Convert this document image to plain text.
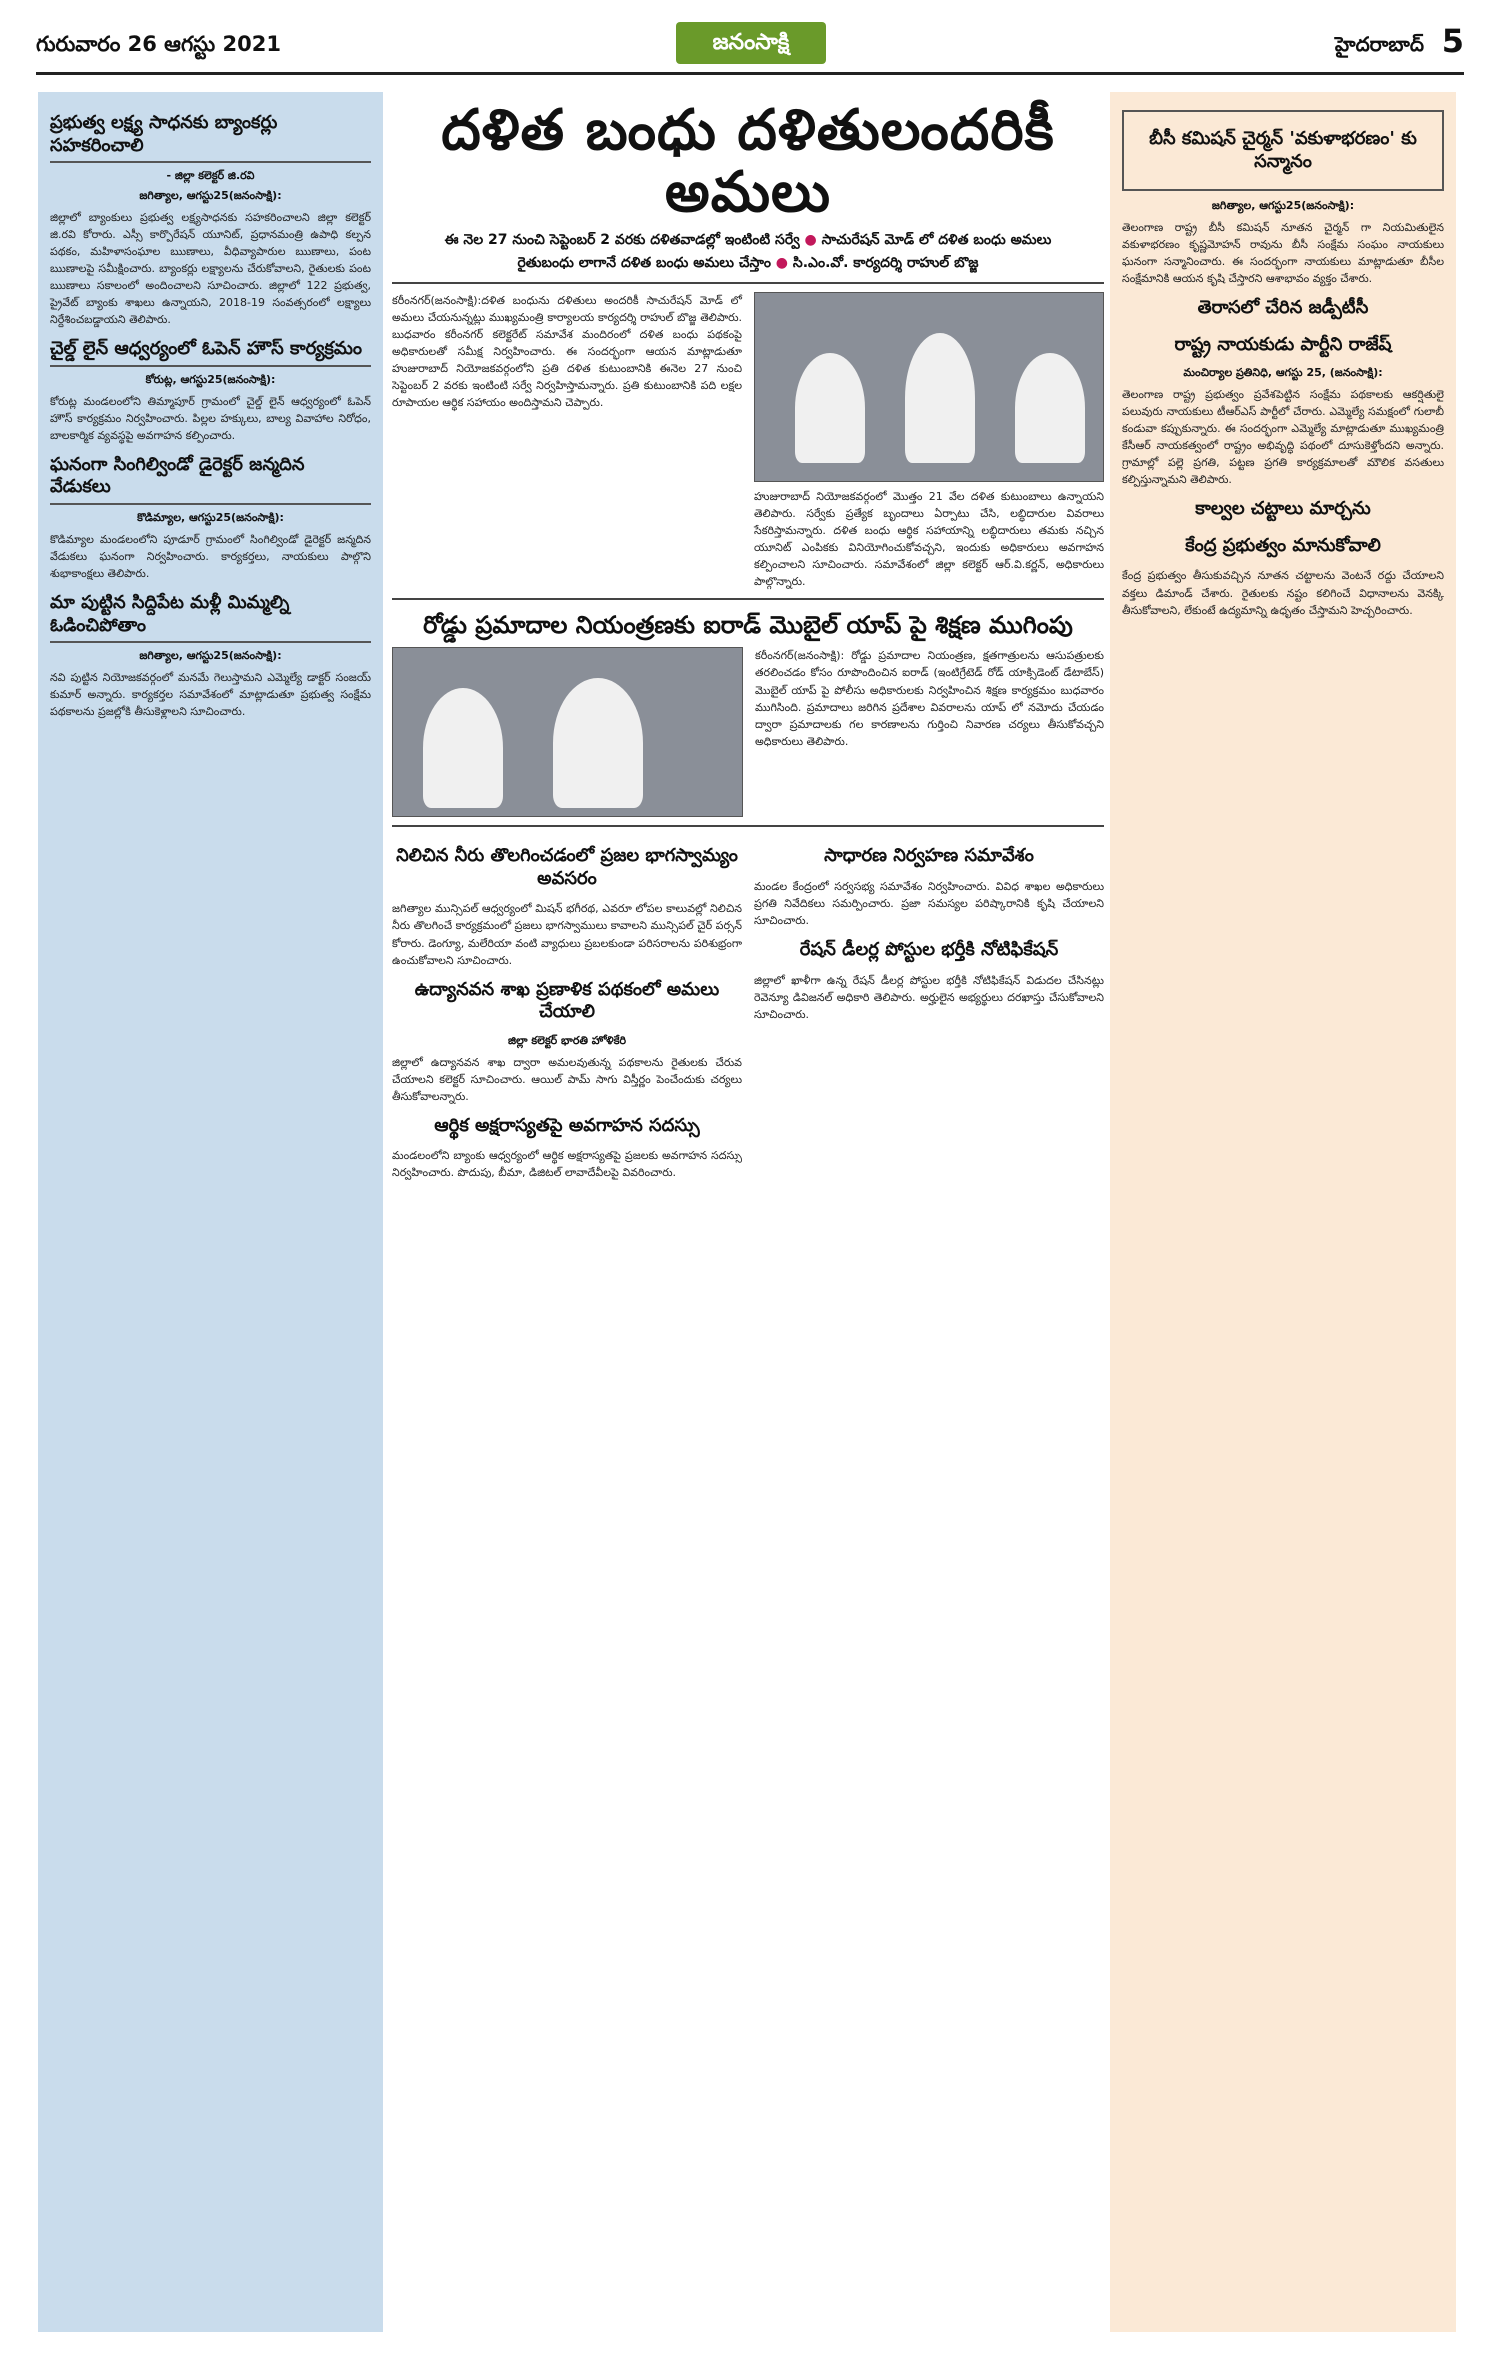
గురువారం 26 ఆగస్టు 2021	జనంసాక్షి	హైదరాబాద్ 5
ప్రభుత్వ లక్ష్య సాధనకు బ్యాంకర్లు సహకరించాలి
- జిల్లా కలెక్టర్ జి.రవి
జగిత్యాల, ఆగస్టు25(జనంసాక్షి):
జిల్లాలో బ్యాంకులు ప్రభుత్వ లక్ష్యసాధనకు సహకరించాలని జిల్లా కలెక్టర్ జి.రవి కోరారు. ఎస్సీ కార్పొరేషన్ యూనిట్, ప్రధానమంత్రి ఉపాధి కల్పన పథకం, మహిళాసంఘాల ఋణాలు, వీధివ్యాపారుల ఋణాలు, పంట ఋణాలపై సమీక్షించారు. బ్యాంకర్లు లక్ష్యాలను చేరుకోవాలని, రైతులకు పంట ఋణాలు సకాలంలో అందించాలని సూచించారు. జిల్లాలో 122 ప్రభుత్వ, ప్రైవేట్ బ్యాంకు శాఖలు ఉన్నాయని, 2018-19 సంవత్సరంలో లక్ష్యాలు నిర్దేశించబడ్డాయని తెలిపారు.
చైల్డ్ లైన్ ఆధ్వర్యంలో ఓపెన్ హౌస్ కార్యక్రమం
కోరుట్ల, ఆగస్టు25(జనంసాక్షి):
కోరుట్ల మండలంలోని తిమ్మాపూర్ గ్రామంలో చైల్డ్ లైన్ ఆధ్వర్యంలో ఓపెన్ హౌస్ కార్యక్రమం నిర్వహించారు. పిల్లల హక్కులు, బాల్య వివాహాల నిరోధం, బాలకార్మిక వ్యవస్థపై అవగాహన కల్పించారు.
ఘనంగా సింగిల్విండో డైరెక్టర్ జన్మదిన వేడుకలు
కొడిమ్యాల, ఆగస్టు25(జనంసాక్షి):
కొడిమ్యాల మండలంలోని పూడూర్ గ్రామంలో సింగిల్విండో డైరెక్టర్ జన్మదిన వేడుకలు ఘనంగా నిర్వహించారు. కార్యకర్తలు, నాయకులు పాల్గొని శుభాకాంక్షలు తెలిపారు.
మా పుట్టిన సిద్దిపేట మళ్లీ మిమ్మల్ని ఓడించిపోతాం
జగిత్యాల, ఆగస్టు25(జనంసాక్షి):
నవి పుట్టిన నియోజకవర్గంలో మనమే గెలుస్తామని ఎమ్మెల్యే డాక్టర్ సంజయ్ కుమార్ అన్నారు. కార్యకర్తల సమావేశంలో మాట్లాడుతూ ప్రభుత్వ సంక్షేమ పథకాలను ప్రజల్లోకి తీసుకెళ్లాలని సూచించారు.
దళిత బంధు దళితులందరికీ అమలు
ఈ నెల 27 నుంచి సెప్టెంబర్ 2 వరకు దళితవాడల్లో ఇంటింటి సర్వే ● సాచురేషన్ మోడ్ లో దళిత బంధు అమలు
రైతుబంధు లాగానే దళిత బంధు అమలు చేస్తాం ● సి.ఎం.వో. కార్యదర్శి రాహుల్ బొజ్జ
కరీంనగర్(జనంసాక్షి):దళిత బంధును దళితులు అందరికీ సాచురేషన్ మోడ్ లో అమలు చేయనున్నట్లు ముఖ్యమంత్రి కార్యాలయ కార్యదర్శి రాహుల్ బొజ్జ తెలిపారు. బుధవారం కరీంనగర్ కలెక్టరేట్ సమావేశ మందిరంలో దళిత బంధు పథకంపై అధికారులతో సమీక్ష నిర్వహించారు. ఈ సందర్భంగా ఆయన మాట్లాడుతూ హుజురాబాద్ నియోజకవర్గంలోని ప్రతి దళిత కుటుంబానికి ఈనెల 27 నుంచి సెప్టెంబర్ 2 వరకు ఇంటింటి సర్వే నిర్వహిస్తామన్నారు. ప్రతి కుటుంబానికి పది లక్షల రూపాయల ఆర్థిక సహాయం అందిస్తామని చెప్పారు.
హుజురాబాద్ నియోజకవర్గంలో మొత్తం 21 వేల దళిత కుటుంబాలు ఉన్నాయని తెలిపారు. సర్వేకు ప్రత్యేక బృందాలు ఏర్పాటు చేసి, లబ్ధిదారుల వివరాలు సేకరిస్తామన్నారు. దళిత బంధు ఆర్థిక సహాయాన్ని లబ్ధిదారులు తమకు నచ్చిన యూనిట్ ఎంపికకు వినియోగించుకోవచ్చని, ఇందుకు అధికారులు అవగాహన కల్పించాలని సూచించారు. సమావేశంలో జిల్లా కలెక్టర్ ఆర్.వి.కర్ణన్, అధికారులు పాల్గొన్నారు.
రోడ్డు ప్రమాదాల నియంత్రణకు ఐరాడ్ మొబైల్ యాప్ పై శిక్షణ ముగింపు
కరీంనగర్(జనంసాక్షి): రోడ్డు ప్రమాదాల నియంత్రణ, క్షతగాత్రులను ఆసుపత్రులకు తరలించడం కోసం రూపొందించిన ఐరాడ్ (ఇంటిగ్రేటెడ్ రోడ్ యాక్సిడెంట్ డేటాబేస్) మొబైల్ యాప్ పై పోలీసు అధికారులకు నిర్వహించిన శిక్షణ కార్యక్రమం బుధవారం ముగిసింది. ప్రమాదాలు జరిగిన ప్రదేశాల వివరాలను యాప్ లో నమోదు చేయడం ద్వారా ప్రమాదాలకు గల కారణాలను గుర్తించి నివారణ చర్యలు తీసుకోవచ్చని అధికారులు తెలిపారు.
నిలిచిన నీరు తొలగించడంలో ప్రజల భాగస్వామ్యం అవసరం
జగిత్యాల మున్సిపల్ ఆధ్వర్యంలో మిషన్ భగీరథ, ఎవరూ లోపల కాలువల్లో నిలిచిన నీరు తొలగించే కార్యక్రమంలో ప్రజలు భాగస్వాములు కావాలని మున్సిపల్ చైర్ పర్సన్ కోరారు. డెంగ్యూ, మలేరియా వంటి వ్యాధులు ప్రబలకుండా పరిసరాలను పరిశుభ్రంగా ఉంచుకోవాలని సూచించారు.
ఉద్యానవన శాఖ ప్రణాళిక పథకంలో అమలు చేయాలి
జిల్లా కలెక్టర్ భారతి హోళికేరి
జిల్లాలో ఉద్యానవన శాఖ ద్వారా అమలవుతున్న పథకాలను రైతులకు చేరువ చేయాలని కలెక్టర్ సూచించారు. ఆయిల్ పామ్ సాగు విస్తీర్ణం పెంచేందుకు చర్యలు తీసుకోవాలన్నారు.
ఆర్థిక అక్షరాస్యతపై అవగాహన సదస్సు
మండలంలోని బ్యాంకు ఆధ్వర్యంలో ఆర్థిక అక్షరాస్యతపై ప్రజలకు అవగాహన సదస్సు నిర్వహించారు. పొదుపు, బీమా, డిజిటల్ లావాదేవీలపై వివరించారు.
సాధారణ నిర్వహణ సమావేశం
మండల కేంద్రంలో సర్వసభ్య సమావేశం నిర్వహించారు. వివిధ శాఖల అధికారులు ప్రగతి నివేదికలు సమర్పించారు. ప్రజా సమస్యల పరిష్కారానికి కృషి చేయాలని సూచించారు.
రేషన్ డీలర్ల పోస్టుల భర్తీకి నోటిఫికేషన్
జిల్లాలో ఖాళీగా ఉన్న రేషన్ డీలర్ల పోస్టుల భర్తీకి నోటిఫికేషన్ విడుదల చేసినట్లు రెవెన్యూ డివిజనల్ అధికారి తెలిపారు. అర్హులైన అభ్యర్థులు దరఖాస్తు చేసుకోవాలని సూచించారు.
బీసీ కమిషన్ చైర్మన్ 'వకుళాభరణం' కు సన్మానం
జగిత్యాల, ఆగస్టు25(జనంసాక్షి):
తెలంగాణ రాష్ట్ర బీసీ కమిషన్ నూతన చైర్మన్ గా నియమితులైన వకుళాభరణం కృష్ణమోహన్ రావును బీసీ సంక్షేమ సంఘం నాయకులు ఘనంగా సన్మానించారు. ఈ సందర్భంగా నాయకులు మాట్లాడుతూ బీసీల సంక్షేమానికి ఆయన కృషి చేస్తారని ఆశాభావం వ్యక్తం చేశారు.
తెరాసలో చేరిన జడ్పీటీసీ
రాష్ట్ర నాయకుడు పార్టీని రాజేష్
మంచిర్యాల ప్రతినిధి, ఆగస్టు 25, (జనంసాక్షి):
తెలంగాణ రాష్ట్ర ప్రభుత్వం ప్రవేశపెట్టిన సంక్షేమ పథకాలకు ఆకర్షితులై పలువురు నాయకులు టీఆర్ఎస్ పార్టీలో చేరారు. ఎమ్మెల్యే సమక్షంలో గులాబీ కండువా కప్పుకున్నారు. ఈ సందర్భంగా ఎమ్మెల్యే మాట్లాడుతూ ముఖ్యమంత్రి కేసీఆర్ నాయకత్వంలో రాష్ట్రం అభివృద్ధి పథంలో దూసుకెళ్తోందని అన్నారు. గ్రామాల్లో పల్లె ప్రగతి, పట్టణ ప్రగతి కార్యక్రమాలతో మౌలిక వసతులు కల్పిస్తున్నామని తెలిపారు.
కాల్వల చట్టాలు మార్చను
కేంద్ర ప్రభుత్వం మానుకోవాలి
కేంద్ర ప్రభుత్వం తీసుకువచ్చిన నూతన చట్టాలను వెంటనే రద్దు చేయాలని వక్తలు డిమాండ్ చేశారు. రైతులకు నష్టం కలిగించే విధానాలను వెనక్కి తీసుకోవాలని, లేకుంటే ఉద్యమాన్ని ఉధృతం చేస్తామని హెచ్చరించారు.
